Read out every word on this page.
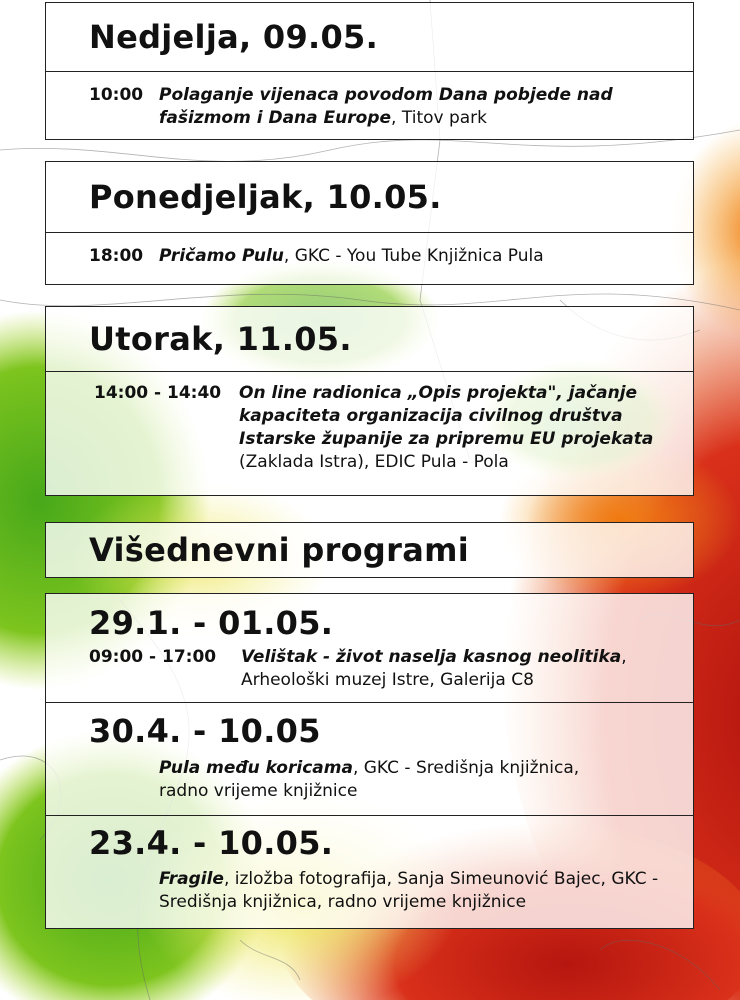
Nedjelja, 09.05.
10:00 Polaganje vijenaca povodom Dana pobjede nad fašizmom i Dana Europe, Titov park
Ponedjeljak, 10.05.
18:00 Pričamo Pulu, GKC - You Tube Knjižnica Pula
Utorak, 11.05.
14:00 - 14:40 On line radionica „Opis projekta", jačanje kapaciteta organizacija civilnog društva Istarske županije za pripremu EU projekata
(Zaklada Istra), EDIC Pula - Pola
Višednevni programi
29.1. - 01.05.
09:00 - 17:00 Velištak - život naselja kasnog neolitika, Arheološki muzej Istre, Galerija C8
30.4. - 10.05
Pula među koricama, GKC - Središnja knjižnica, radno vrijeme knjižnice
23.4. - 10.05.
Fragile, izložba fotografija, Sanja Simeunović Bajec, GKC - Središnja knjižnica, radno vrijeme knjižnice
